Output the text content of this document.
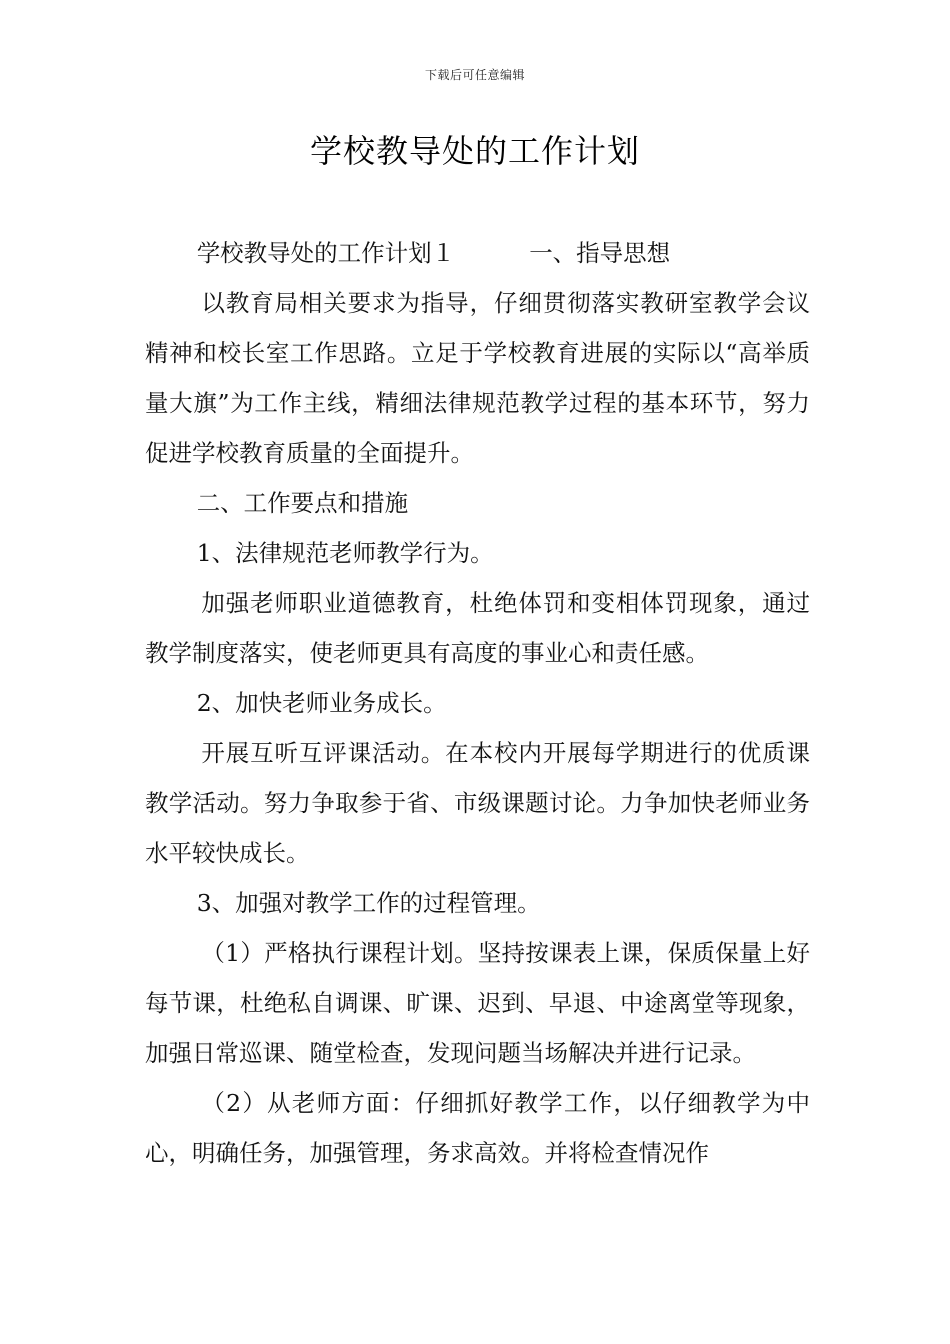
下载后可任意编辑
学校教导处的工作计划

学校教导处的工作计划１	一、指导思想

以教育局相关要求为指导，仔细贯彻落实教研室教学会议精神和校长室工作思路。立足于学校教育进展的实际以“高举质量大旗”为工作主线，精细法律规范教学过程的基本环节，努力促进学校教育质量的全面提升。

二、工作要点和措施

1、法律规范老师教学行为。

加强老师职业道德教育，杜绝体罚和变相体罚现象，通过教学制度落实，使老师更具有高度的事业心和责任感。

2、加快老师业务成长。

开展互听互评课活动。在本校内开展每学期进行的优质课教学活动。努力争取参于省、市级课题讨论。力争加快老师业务水平较快成长。

3、加强对教学工作的过程管理。

（1）严格执行课程计划。坚持按课表上课，保质保量上好每节课，杜绝私自调课、旷课、迟到、早退、中途离堂等现象，加强日常巡课、随堂检查，发现问题当场解决并进行记录。

（2）从老师方面：仔细抓好教学工作，以仔细教学为中心，明确任务，加强管理，务求高效。并将检查情况作
